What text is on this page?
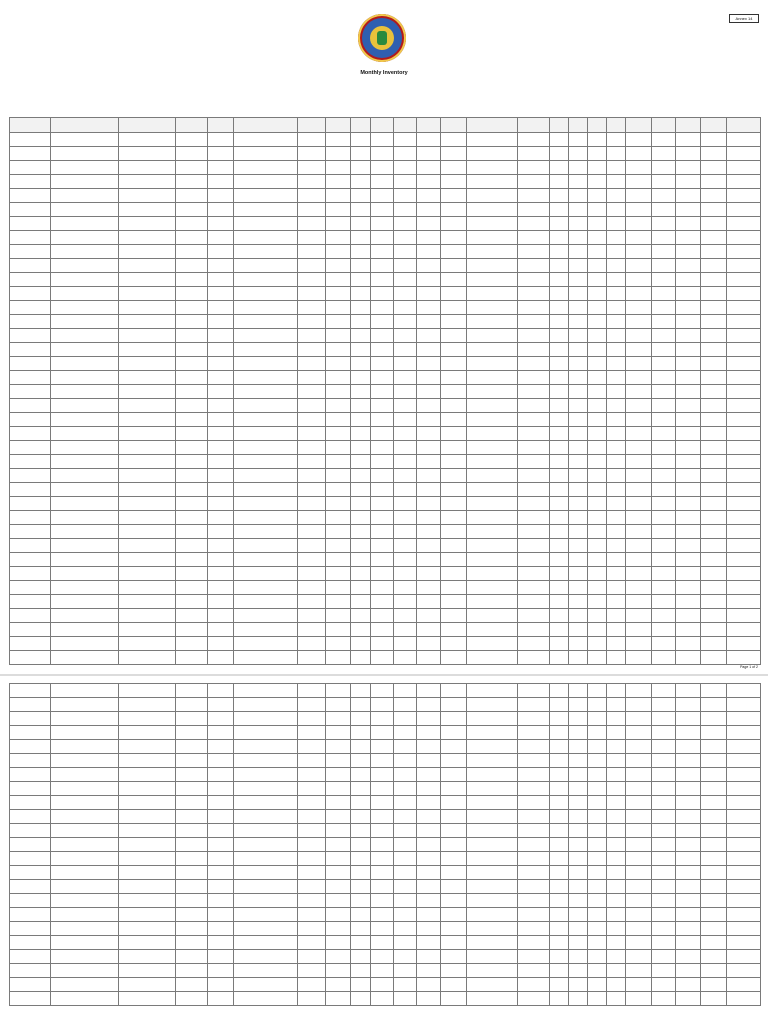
Annex 14
Monthly Inventory

Page 1 of 2
